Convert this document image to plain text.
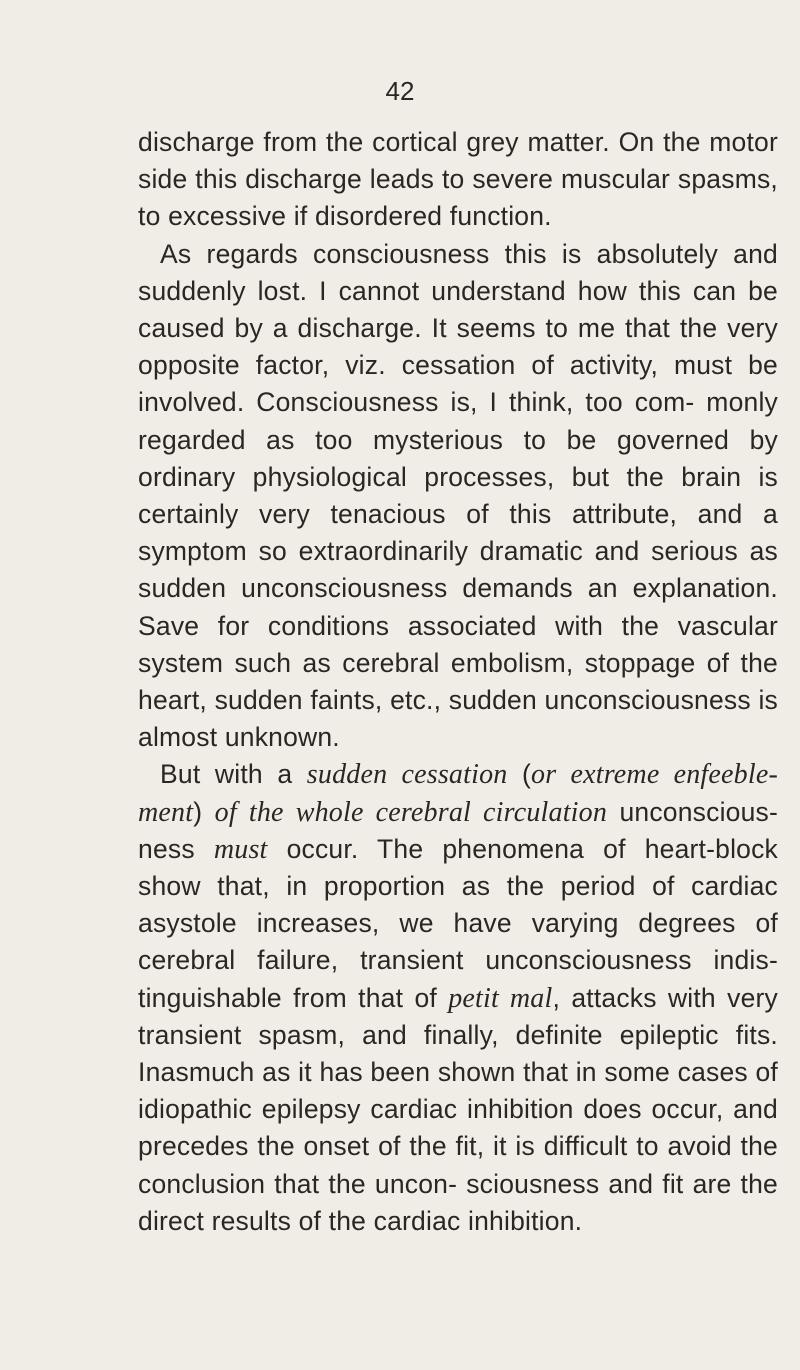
42

discharge from the cortical grey matter. On the motor side this discharge leads to severe muscular spasms, to excessive if disordered function.

As regards consciousness this is absolutely and suddenly lost. I cannot understand how this can be caused by a discharge. It seems to me that the very opposite factor, viz. cessation of activity, must be involved. Consciousness is, I think, too com- monly regarded as too mysterious to be governed by ordinary physiological processes, but the brain is certainly very tenacious of this attribute, and a symptom so extraordinarily dramatic and serious as sudden unconsciousness demands an explanation. Save for conditions associated with the vascular system such as cerebral embolism, stoppage of the heart, sudden faints, etc., sudden unconsciousness is almost unknown.

But with a sudden cessation (or extreme enfeeble- ment) of the whole cerebral circulation unconscious- ness must occur. The phenomena of heart-block show that, in proportion as the period of cardiac asystole increases, we have varying degrees of cerebral failure, transient unconsciousness indis- tinguishable from that of petit mal, attacks with very transient spasm, and finally, definite epileptic fits. Inasmuch as it has been shown that in some cases of idiopathic epilepsy cardiac inhibition does occur, and precedes the onset of the fit, it is difficult to avoid the conclusion that the uncon- sciousness and fit are the direct results of the cardiac inhibition.
